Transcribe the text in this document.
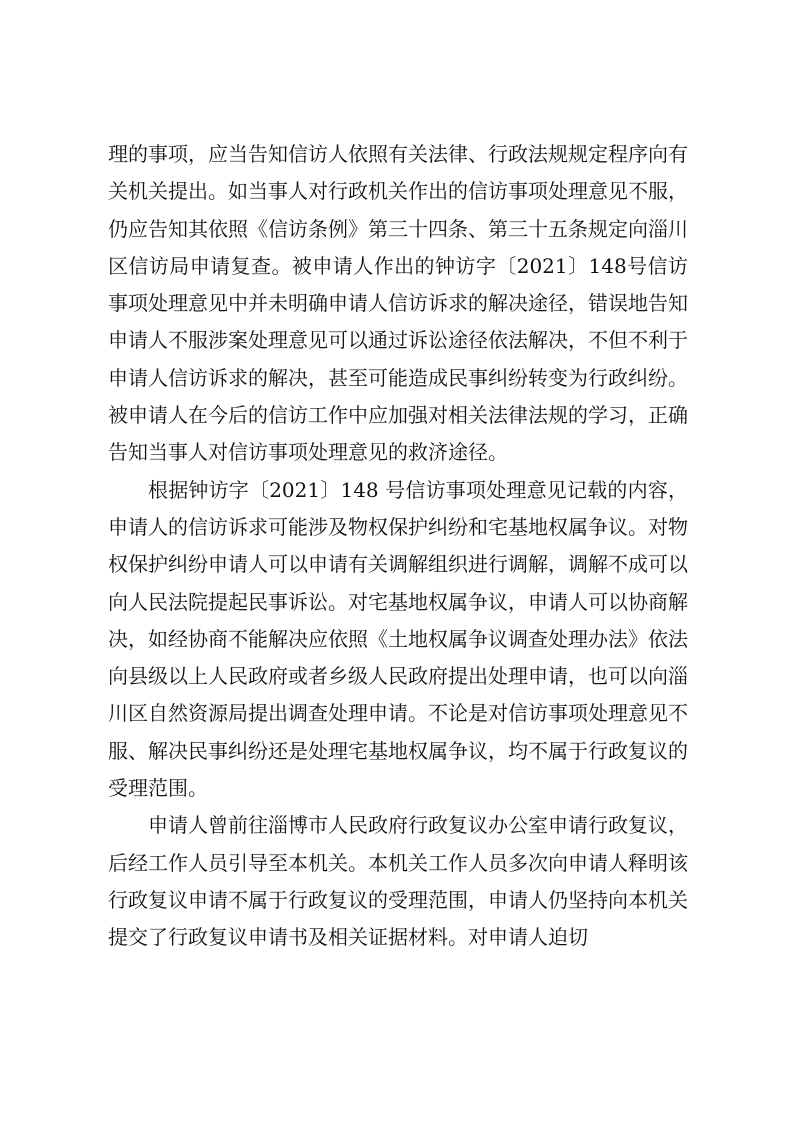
理的事项，应当告知信访人依照有关法律、行政法规规定程序向有关机关提出。如当事人对行政机关作出的信访事项处理意见不服，仍应告知其依照《信访条例》第三十四条、第三十五条规定向淄川区信访局申请复查。被申请人作出的钟访字〔2021〕148号信访事项处理意见中并未明确申请人信访诉求的解决途径，错误地告知申请人不服涉案处理意见可以通过诉讼途径依法解决，不但不利于申请人信访诉求的解决，甚至可能造成民事纠纷转变为行政纠纷。被申请人在今后的信访工作中应加强对相关法律法规的学习，正确告知当事人对信访事项处理意见的救济途径。

根据钟访字〔2021〕148 号信访事项处理意见记载的内容，申请人的信访诉求可能涉及物权保护纠纷和宅基地权属争议。对物权保护纠纷申请人可以申请有关调解组织进行调解，调解不成可以向人民法院提起民事诉讼。对宅基地权属争议，申请人可以协商解决，如经协商不能解决应依照《土地权属争议调查处理办法》依法向县级以上人民政府或者乡级人民政府提出处理申请，也可以向淄川区自然资源局提出调查处理申请。不论是对信访事项处理意见不服、解决民事纠纷还是处理宅基地权属争议，均不属于行政复议的受理范围。

申请人曾前往淄博市人民政府行政复议办公室申请行政复议，后经工作人员引导至本机关。本机关工作人员多次向申请人释明该行政复议申请不属于行政复议的受理范围，申请人仍坚持向本机关提交了行政复议申请书及相关证据材料。对申请人迫切
